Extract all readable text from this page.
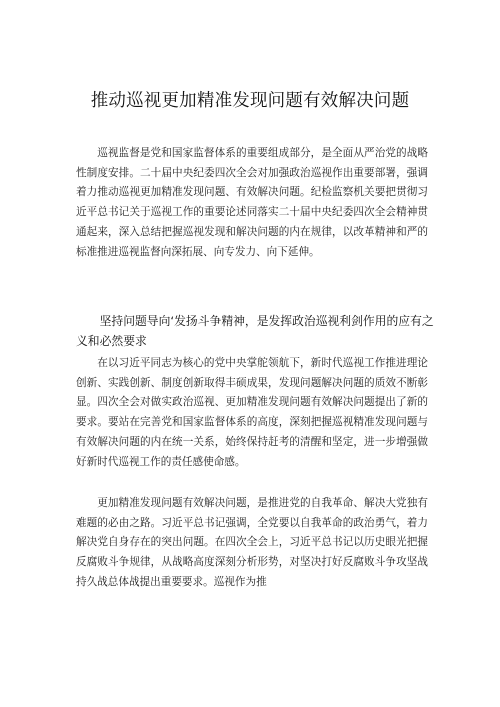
推动巡视更加精准发现问题有效解决问题

巡视监督是党和国家监督体系的重要组成部分，是全面从严治党的战略性制度安排。二十届中央纪委四次全会对加强政治巡视作出重要部署，强调着力推动巡视更加精准发现问题、有效解决问题。纪检监察机关要把贯彻习近平总书记关于巡视工作的重要论述同落实二十届中央纪委四次全会精神贯通起来，深入总结把握巡视发现和解决问题的内在规律，以改革精神和严的标准推进巡视监督向深拓展、向专发力、向下延伸。

坚持问题导向‘发扬斗争精神，是发挥政治巡视利剑作用的应有之义和必然要求

在以习近平同志为核心的党中央掌舵领航下，新时代巡视工作推进理论创新、实践创新、制度创新取得丰硕成果，发现问题解决问题的质效不断彰显。四次全会对做实政治巡视、更加精准发现问题有效解决问题提出了新的要求。要站在完善党和国家监督体系的高度，深刻把握巡视精准发现问题与有效解决问题的内在统一关系，始终保持赶考的清醒和坚定，进一步增强做好新时代巡视工作的责任感使命感。

更加精准发现问题有效解决问题，是推进党的自我革命、解决大党独有难题的必由之路。习近平总书记强调，全党要以自我革命的政治勇气，着力解决党自身存在的突出问题。在四次全会上，习近平总书记以历史眼光把握反腐败斗争规律，从战略高度深刻分析形势，对坚决打好反腐败斗争攻坚战持久战总体战提出重要要求。巡视作为推
